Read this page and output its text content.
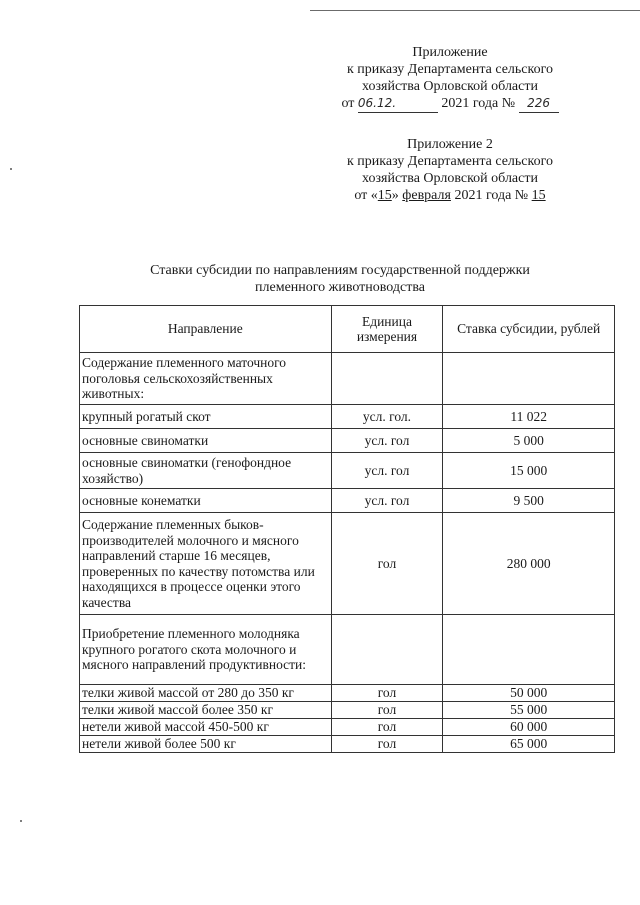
Приложение
к приказу Департамента сельского
хозяйства Орловской области
от 06.12.	2021 года № 226
Приложение 2
к приказу Департамента сельского
хозяйства Орловской области
от «15» февраля 2021 года № 15
Ставки субсидии по направлениям государственной поддержки
племенного животноводства
Направление	Единица измерения	Ставка субсидии, рублей
Содержание племенного маточного поголовья сельскохозяйственных животных:		
крупный рогатый скот	усл. гол.	11 022
основные свиноматки	усл. гол	5 000
основные свиноматки (генофондное хозяйство)	усл. гол	15 000
основные конематки	усл. гол	9 500
Содержание племенных быков-производителей молочного и мясного направлений старше 16 месяцев, проверенных по качеству потомства или находящихся в процессе оценки этого качества	гол	280 000
Приобретение племенного молодняка крупного рогатого скота молочного и мясного направлений продуктивности:		
телки живой массой от 280 до 350 кг	гол	50 000
телки живой массой более 350 кг	гол	55 000
нетели живой массой 450-500 кг	гол	60 000
нетели живой более 500 кг	гол	65 000
